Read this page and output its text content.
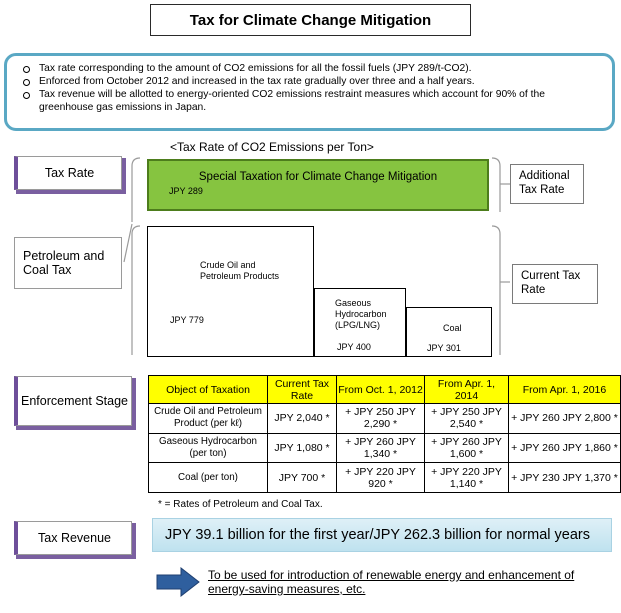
Tax for Climate Change Mitigation
Tax rate corresponding to the amount of CO2 emissions for all the fossil fuels (JPY 289/t-CO2).
Enforced from October 2012 and increased in the tax rate gradually over three and a half years.
Tax revenue will be allotted to energy-oriented CO2 emissions restraint measures which account for 90% of the greenhouse gas emissions in Japan.
Tax Rate
Petroleum and Coal Tax
Enforcement Stage
Tax Revenue
<Tax Rate of CO2 Emissions per Ton>
Special Taxation for Climate Change Mitigation
JPY 289
Crude Oil and Petroleum Products
JPY 779
Gaseous Hydrocarbon (LPG/LNG)
JPY 400
Coal
JPY 301
Additional Tax Rate
Current Tax Rate
Object of Taxation	Current Tax Rate	From Oct. 1, 2012	From Apr. 1, 2014	From Apr. 1, 2016
Crude Oil and Petroleum Product (per kℓ)	JPY 2,040 *	+ JPY 250 JPY 2,290 *	+ JPY 250 JPY 2,540 *	+ JPY 260 JPY 2,800 *
Gaseous Hydrocarbon (per ton)	JPY 1,080 *	+ JPY 260 JPY 1,340 *	+ JPY 260 JPY 1,600 *	+ JPY 260 JPY 1,860 *
Coal (per ton)	JPY 700 *	+ JPY 220 JPY 920 *	+ JPY 220 JPY 1,140 *	+ JPY 230 JPY 1,370 *
* = Rates of Petroleum and Coal Tax.
JPY 39.1 billion for the first year/JPY 262.3 billion for normal years
To be used for introduction of renewable energy and enhancement of energy-saving measures, etc.
